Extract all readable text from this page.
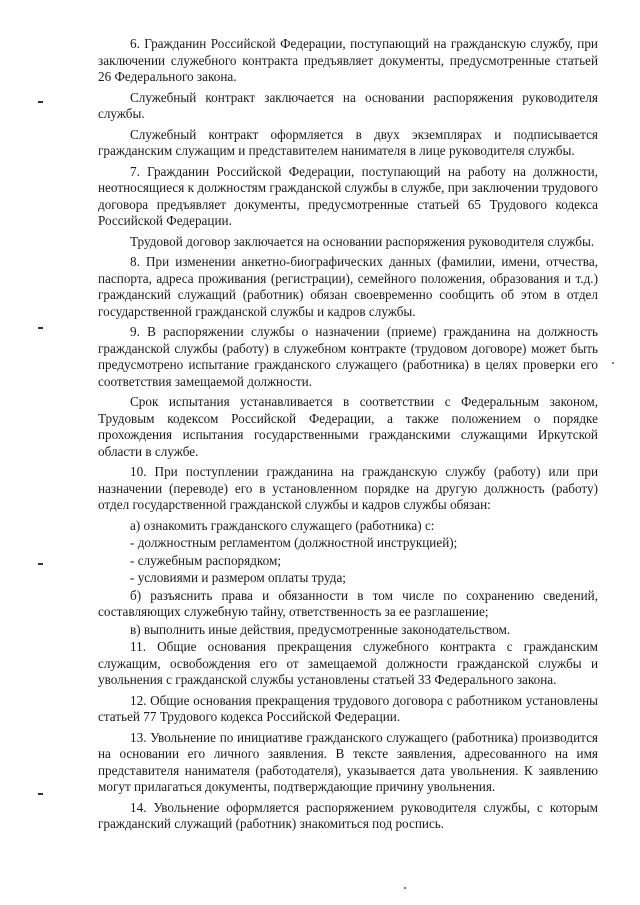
6. Гражданин Российской Федерации, поступающий на гражданскую службу, при заключении служебного контракта предъявляет документы, предусмотренные статьей 26 Федерального закона.

Служебный контракт заключается на основании распоряжения руководителя службы.

Служебный контракт оформляется в двух экземплярах и подписывается гражданским служащим и представителем нанимателя в лице руководителя службы.

7. Гражданин Российской Федерации, поступающий на работу на должности, неотносящиеся к должностям гражданской службы в службе, при заключении трудового договора предъявляет документы, предусмотренные статьей 65 Трудового кодекса Российской Федерации.

Трудовой договор заключается на основании распоряжения руководителя службы.

8. При изменении анкетно-биографических данных (фамилии, имени, отчества, паспорта, адреса проживания (регистрации), семейного положения, образования и т.д.) гражданский служащий (работник) обязан своевременно сообщить об этом в отдел государственной гражданской службы и кадров службы.

9. В распоряжении службы о назначении (приеме) гражданина на должность гражданской службы (работу) в служебном контракте (трудовом договоре) может быть предусмотрено испытание гражданского служащего (работника) в целях проверки его соответствия замещаемой должности.

Срок испытания устанавливается в соответствии с Федеральным законом, Трудовым кодексом Российской Федерации, а также положением о порядке прохождения испытания государственными гражданскими служащими Иркутской области в службе.

10. При поступлении гражданина на гражданскую службу (работу) или при назначении (переводе) его в установленном порядке на другую должность (работу) отдел государственной гражданской службы и кадров службы обязан:

а) ознакомить гражданского служащего (работника) с:

- должностным регламентом (должностной инструкцией);

- служебным распорядком;

- условиями и размером оплаты труда;

б) разъяснить права и обязанности в том числе по сохранению сведений, составляющих служебную тайну, ответственность за ее разглашение;

в) выполнить иные действия, предусмотренные законодательством.

11. Общие основания прекращения служебного контракта с гражданским служащим, освобождения его от замещаемой должности гражданской службы и увольнения с гражданской службы установлены статьей 33 Федерального закона.

12. Общие основания прекращения трудового договора с работником установлены статьей 77 Трудового кодекса Российской Федерации.

13. Увольнение по инициативе гражданского служащего (работника) производится на основании его личного заявления. В тексте заявления, адресованного на имя представителя нанимателя (работодателя), указывается дата увольнения. К заявлению могут прилагаться документы, подтверждающие причину увольнения.

14. Увольнение оформляется распоряжением руководителя службы, с которым гражданский служащий (работник) знакомиться под роспись.
